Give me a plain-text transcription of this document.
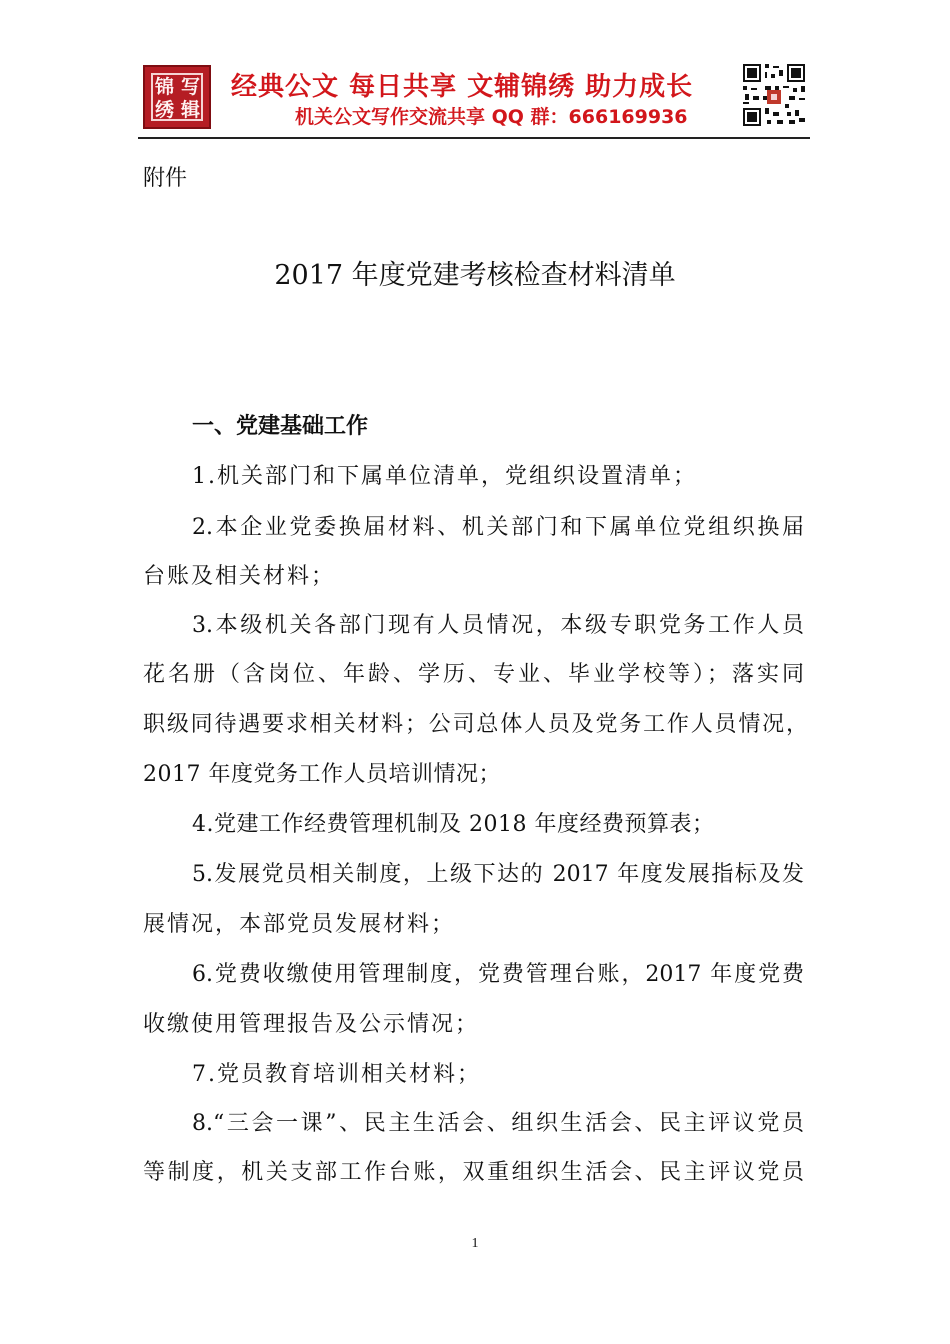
锦 写
绣 辑
经典公文 每日共享 文辅锦绣 助力成长
机关公文写作交流共享 QQ 群：666169936
附件
2017 年度党建考核检查材料清单
一、党建基础工作
1.机关部门和下属单位清单，党组织设置清单；
2.本企业党委换届材料、机关部门和下属单位党组织换届
台账及相关材料；
3.本级机关各部门现有人员情况，本级专职党务工作人员
花名册（含岗位、年龄、学历、专业、毕业学校等）；落实同
职级同待遇要求相关材料；公司总体人员及党务工作人员情况，
2017 年度党务工作人员培训情况；
4.党建工作经费管理机制及 2018 年度经费预算表；
5.发展党员相关制度，上级下达的 2017 年度发展指标及发
展情况，本部党员发展材料；
6.党费收缴使用管理制度，党费管理台账，2017 年度党费
收缴使用管理报告及公示情况；
7.党员教育培训相关材料；
8.“三会一课”、民主生活会、组织生活会、民主评议党员
等制度，机关支部工作台账，双重组织生活会、民主评议党员
1
